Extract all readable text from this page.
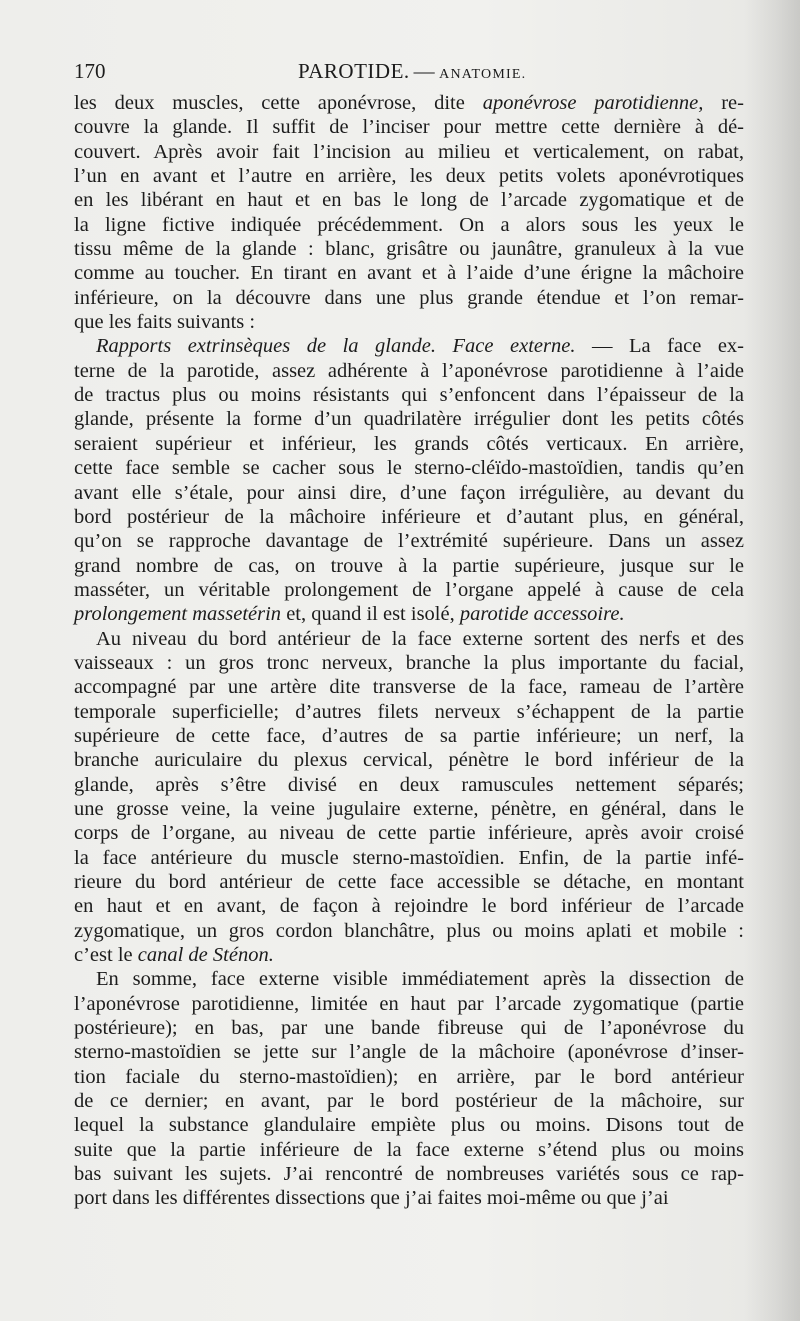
170	PAROTIDE. — ANATOMIE.
les deux muscles, cette aponévrose, dite aponévrose parotidienne, re-
couvre la glande. Il suffit de l’inciser pour mettre cette dernière à dé-
couvert. Après avoir fait l’incision au milieu et verticalement, on rabat,
l’un en avant et l’autre en arrière, les deux petits volets aponévrotiques
en les libérant en haut et en bas le long de l’arcade zygomatique et de
la ligne fictive indiquée précédemment. On a alors sous les yeux le
tissu même de la glande : blanc, grisâtre ou jaunâtre, granuleux à la vue
comme au toucher. En tirant en avant et à l’aide d’une érigne la mâchoire
inférieure, on la découvre dans une plus grande étendue et l’on remar-
que les faits suivants :
Rapports extrinsèques de la glande. Face externe. — La face ex-
terne de la parotide, assez adhérente à l’aponévrose parotidienne à l’aide
de tractus plus ou moins résistants qui s’enfoncent dans l’épaisseur de la
glande, présente la forme d’un quadrilatère irrégulier dont les petits côtés
seraient supérieur et inférieur, les grands côtés verticaux. En arrière,
cette face semble se cacher sous le sterno-cléïdo-mastoïdien, tandis qu’en
avant elle s’étale, pour ainsi dire, d’une façon irrégulière, au devant du
bord postérieur de la mâchoire inférieure et d’autant plus, en général,
qu’on se rapproche davantage de l’extrémité supérieure. Dans un assez
grand nombre de cas, on trouve à la partie supérieure, jusque sur le
masséter, un véritable prolongement de l’organe appelé à cause de cela
prolongement massetérin et, quand il est isolé, parotide accessoire.
Au niveau du bord antérieur de la face externe sortent des nerfs et des
vaisseaux : un gros tronc nerveux, branche la plus importante du facial,
accompagné par une artère dite transverse de la face, rameau de l’artère
temporale superficielle; d’autres filets nerveux s’échappent de la partie
supérieure de cette face, d’autres de sa partie inférieure; un nerf, la
branche auriculaire du plexus cervical, pénètre le bord inférieur de la
glande, après s’être divisé en deux ramuscules nettement séparés;
une grosse veine, la veine jugulaire externe, pénètre, en général, dans le
corps de l’organe, au niveau de cette partie inférieure, après avoir croisé
la face antérieure du muscle sterno-mastoïdien. Enfin, de la partie infé-
rieure du bord antérieur de cette face accessible se détache, en montant
en haut et en avant, de façon à rejoindre le bord inférieur de l’arcade
zygomatique, un gros cordon blanchâtre, plus ou moins aplati et mobile :
c’est le canal de Sténon.
En somme, face externe visible immédiatement après la dissection de
l’aponévrose parotidienne, limitée en haut par l’arcade zygomatique (partie
postérieure); en bas, par une bande fibreuse qui de l’aponévrose du
sterno-mastoïdien se jette sur l’angle de la mâchoire (aponévrose d’inser-
tion faciale du sterno-mastoïdien); en arrière, par le bord antérieur
de ce dernier; en avant, par le bord postérieur de la mâchoire, sur
lequel la substance glandulaire empiète plus ou moins. Disons tout de
suite que la partie inférieure de la face externe s’étend plus ou moins
bas suivant les sujets. J’ai rencontré de nombreuses variétés sous ce rap-
port dans les différentes dissections que j’ai faites moi-même ou que j’ai
